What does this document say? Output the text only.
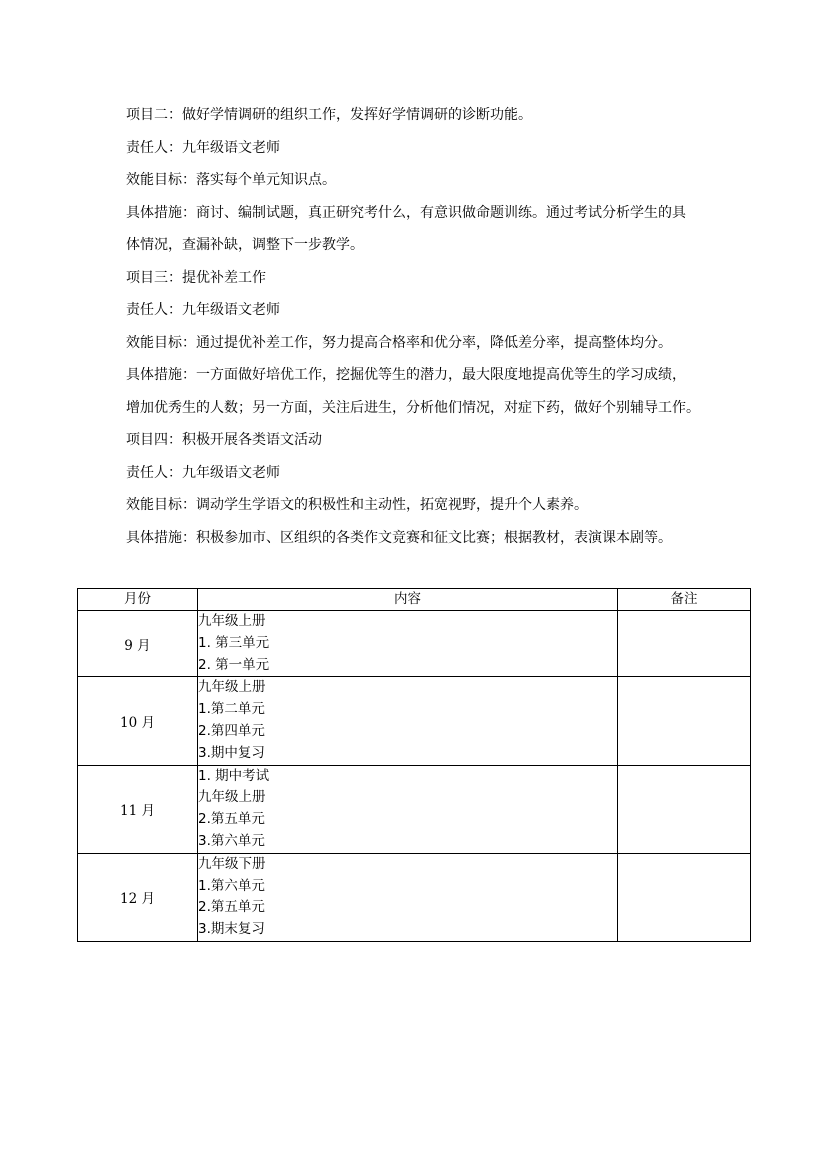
项目二：做好学情调研的组织工作，发挥好学情调研的诊断功能。
责任人：九年级语文老师
效能目标：落实每个单元知识点。
具体措施：商讨、编制试题，真正研究考什么，有意识做命题训练。通过考试分析学生的具
体情况，查漏补缺，调整下一步教学。
项目三：提优补差工作
责任人：九年级语文老师
效能目标：通过提优补差工作，努力提高合格率和优分率，降低差分率，提高整体均分。
具体措施：一方面做好培优工作，挖掘优等生的潜力，最大限度地提高优等生的学习成绩，
增加优秀生的人数；另一方面，关注后进生，分析他们情况，对症下药，做好个别辅导工作。
项目四：积极开展各类语文活动
责任人：九年级语文老师
效能目标：调动学生学语文的积极性和主动性，拓宽视野，提升个人素养。
具体措施：积极参加市、区组织的各类作文竞赛和征文比赛；根据教材，表演课本剧等。
月份	内容	备注
9 月	九年级上册
1. 第三单元
2. 第一单元	

10 月	九年级上册
1.第二单元
2.第四单元
3.期中复习	

11 月	1. 期中考试
九年级上册
2.第五单元
3.第六单元	

12 月	九年级下册
1.第六单元
2.第五单元
3.期末复习	
